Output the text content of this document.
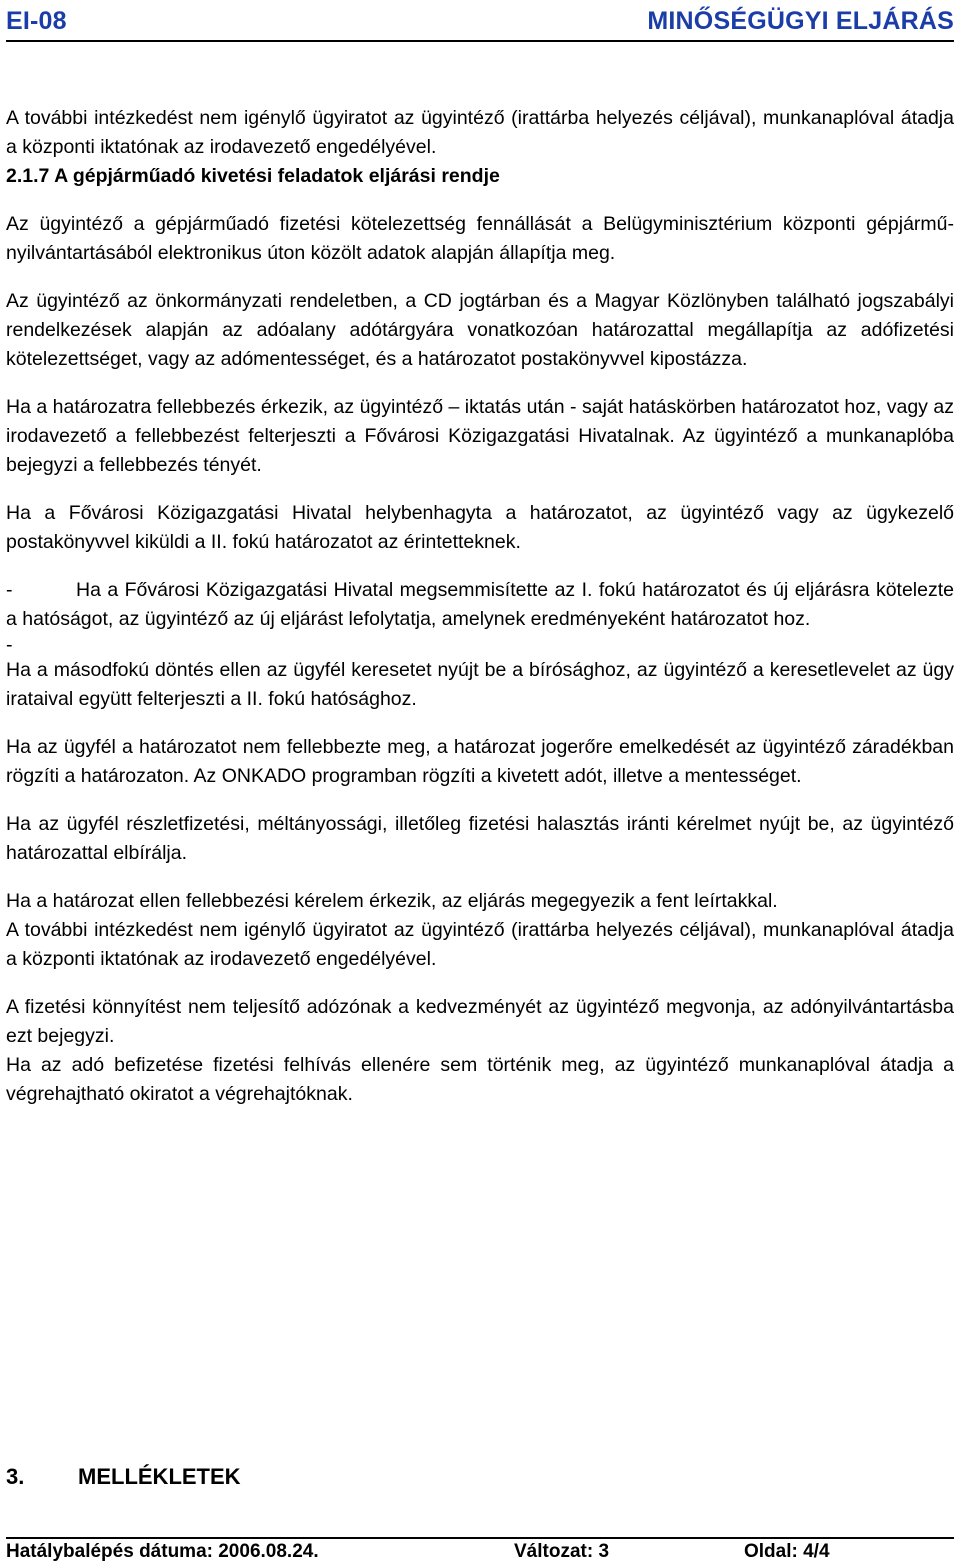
EI-08	MINŐSÉGÜGYI ELJÁRÁS

A további intézkedést nem igénylő ügyiratot az ügyintéző (irattárba helyezés céljával), munkanaplóval átadja a központi iktatónak az irodavezető engedélyével.

2.1.7 A gépjárműadó kivetési feladatok eljárási rendje

Az ügyintéző a gépjárműadó fizetési kötelezettség fennállását a Belügyminisztérium központi gépjármű-nyilvántartásából elektronikus úton közölt adatok alapján állapítja meg.

Az ügyintéző az önkormányzati rendeletben, a CD jogtárban és a Magyar Közlönyben található jogszabályi rendelkezések alapján az adóalany adótárgyára vonatkozóan határozattal megállapítja az adófizetési kötelezettséget, vagy az adómentességet, és a határozatot postakönyvvel kipostázza.

Ha a határozatra fellebbezés érkezik, az ügyintéző – iktatás után - saját hatáskörben határozatot hoz, vagy az irodavezető a fellebbezést felterjeszti a Fővárosi Közigazgatási Hivatalnak. Az ügyintéző a munkanaplóba bejegyzi a fellebbezés tényét.

Ha a Fővárosi Közigazgatási Hivatal helybenhagyta a határozatot, az ügyintéző vagy az ügykezelő postakönyvvel kiküldi a II. fokú határozatot az érintetteknek.

-	Ha a Fővárosi Közigazgatási Hivatal megsemmisítette az I. fokú határozatot és új eljárásra kötelezte a hatóságot, az ügyintéző az új eljárást lefolytatja, amelynek eredményeként határozatot hoz.

-

Ha a másodfokú döntés ellen az ügyfél keresetet nyújt be a bírósághoz, az ügyintéző a keresetlevelet az ügy irataival együtt felterjeszti a II. fokú hatósághoz.

Ha az ügyfél a határozatot nem fellebbezte meg, a határozat jogerőre emelkedését az ügyintéző záradékban rögzíti a határozaton. Az ONKADO programban rögzíti a kivetett adót, illetve a mentességet.

Ha az ügyfél részletfizetési, méltányossági, illetőleg fizetési halasztás iránti kérelmet nyújt be, az ügyintéző határozattal elbírálja.

Ha a határozat ellen fellebbezési kérelem érkezik, az eljárás megegyezik a fent leírtakkal.

A további intézkedést nem igénylő ügyiratot az ügyintéző (irattárba helyezés céljával), munkanaplóval átadja a központi iktatónak az irodavezető engedélyével.

A fizetési könnyítést nem teljesítő adózónak a kedvezményét az ügyintéző megvonja, az adónyilvántartásba ezt bejegyzi.

Ha az adó befizetése fizetési felhívás ellenére sem történik meg, az ügyintéző munkanaplóval átadja a végrehajtható okiratot a végrehajtóknak.

3.	MELLÉKLETEK
Hatálybalépés dátuma: 2006.08.24.	Változat: 3	Oldal: 4/4
